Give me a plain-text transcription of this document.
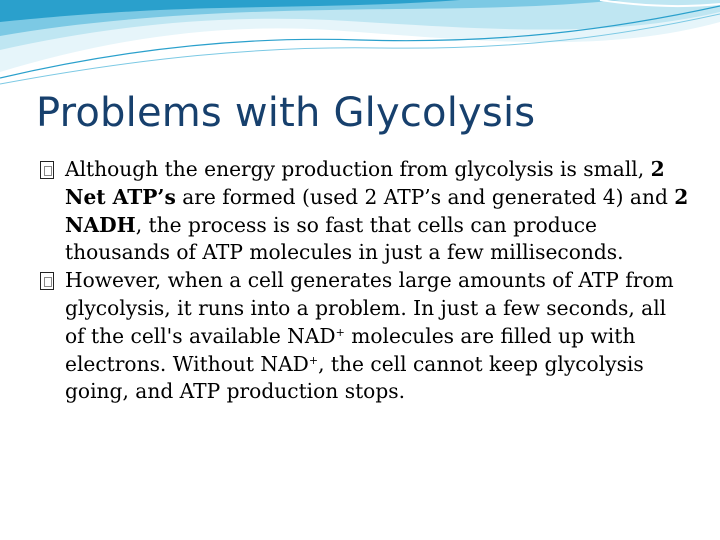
Problems with Glycolysis

Although the energy production from glycolysis is small, 2 Net ATP’s are formed (used 2 ATP’s and generated 4) and 2 NADH, the process is so fast that cells can produce thousands of ATP molecules in just a few milliseconds.

However, when a cell generates large amounts of ATP from glycolysis, it runs into a problem. In just a few seconds, all of the cell's available NAD+ molecules are filled up with electrons. Without NAD+, the cell cannot keep glycolysis going, and ATP production stops.
